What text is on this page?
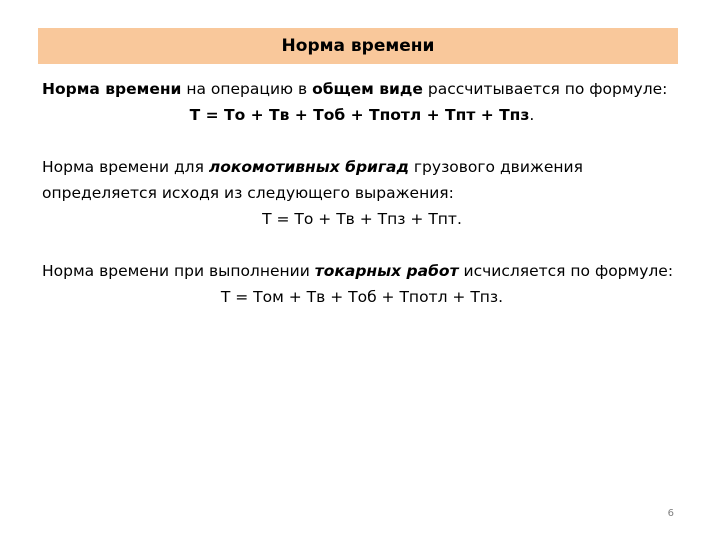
Норма времени

Норма времени на операцию в общем виде рассчитывается по формуле:

Т = То + Тв + Тоб + Тпотл + Тпт + Тпз.

Норма времени для локомотивных бригад грузового движения определяется исходя из следующего выражения:

Т = То + Тв + Тпз + Тпт.

Норма времени при выполнении токарных работ исчисляется по формуле:

Т = Том + Тв + Тоб + Тпотл + Тпз.

6
